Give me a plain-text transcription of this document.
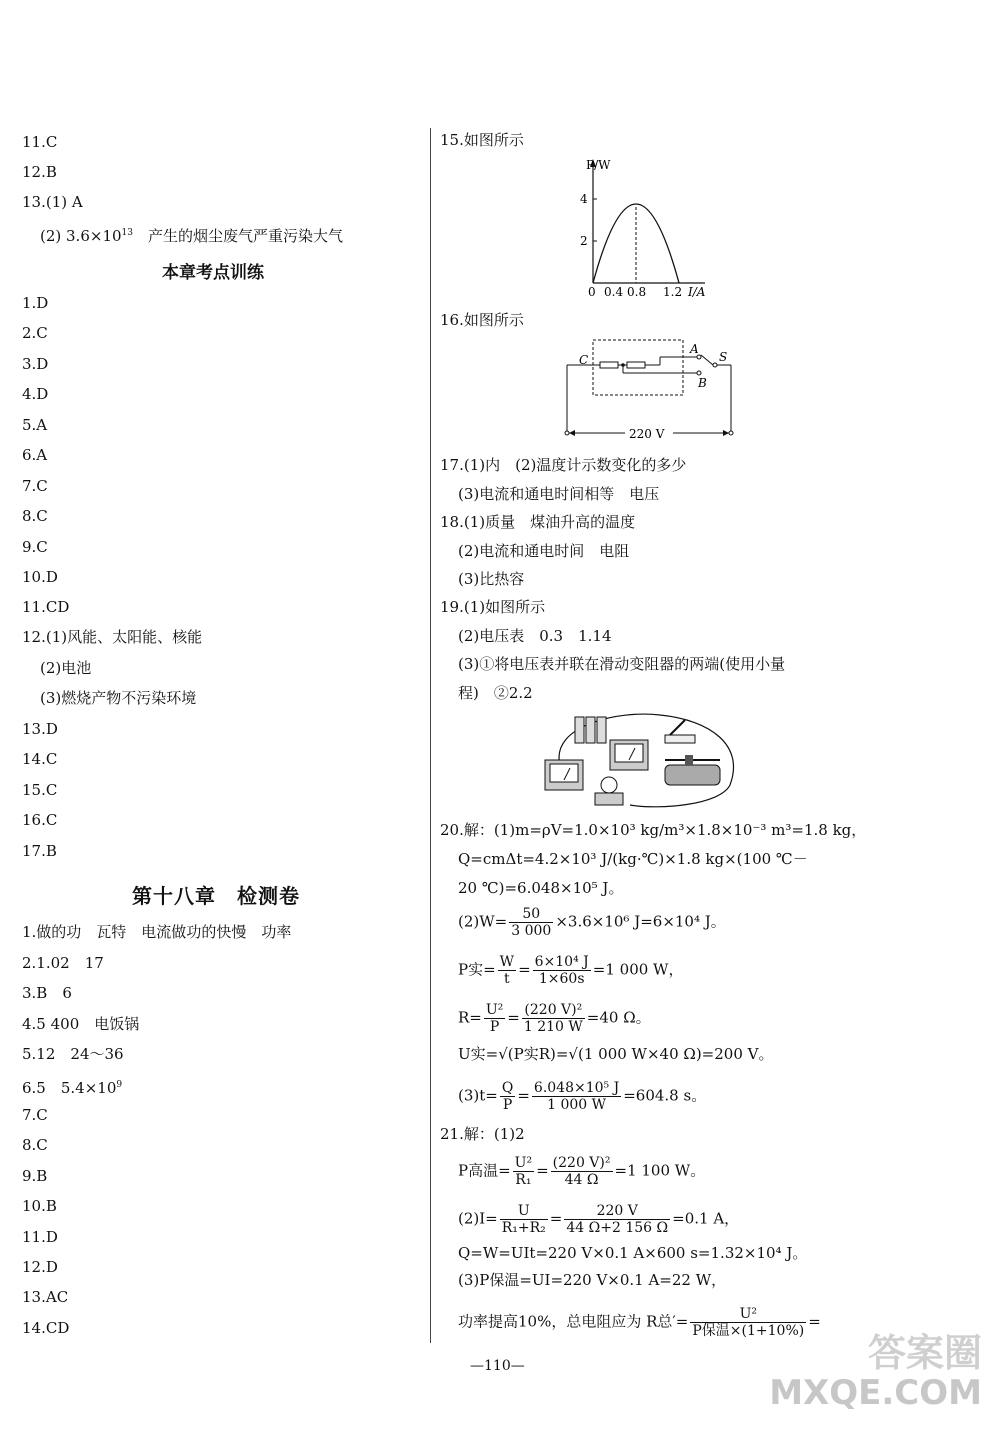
11.C
12.B
13.(1) A
(2) $3.6\times 10^{13}$　产生的烟尘废气严重污染大气
本章考点训练
1.D
2.C
3.D
4.D
5.A
6.A
7.C
8.C
9.C
10.D
11.CD
12.(1)风能、太阳能、核能
(2)电池
(3)燃烧产物不污染环境
13.D
14.C
15.C
16.C
17.B
第十八章　检测卷
1.做的功　瓦特　电流做功的快慢　功率
2.1.02　17
3.B　6
4.5 400　电饭锅
5.12　24～36
6.5　$5.4\times 10^9$
7.C
8.C
9.B
10.B
11.D
12.D
13.AC
14.CD
15.如图所示
P/W
4
2
0 0.4 0.8 1.2 I/A
16.如图所示
C
A
B
S
220 V
17.(1)内　(2)温度计示数变化的多少
(3)电流和通电时间相等　电压
18.(1)质量　煤油升高的温度
(2)电流和通电时间　电阻
(3)比热容
19.(1)如图所示
(2)电压表　0.3　1.14
(3)①将电压表并联在滑动变阻器的两端(使用小量
程)　②2.2
20.解：(1)m=ρV=1.0×10³ kg/m³×1.8×10⁻³ m³=1.8 kg，
Q=cmΔt=4.2×10³ J/(kg·℃)×1.8 kg×(100 ℃－
20 ℃)=6.048×10⁵ J。
$(2)W= \frac{50}{3 000} \times 3.6\times 10^6$ J=6×10⁴ J。
P实= $\frac{W}{t} = \frac{\text{6×10⁴ J}}{1\times 60s} =1$ 000 W，
$R= \frac{\text{U²}}{P} = \frac{\text{(220 V)²}}{1 210 W} =40$ Ω。
U实=√(P实R)=√(1 000 W×40 Ω)=200 V。
$(3)t= \frac{Q}{P} = \frac{\text{6.048×10⁵ J}}{1 000 W} =604.8$ s。
21.解：(1)2
P高温= $\frac{\text{U²}}{\text{R₁}} = \frac{\text{(220 V)²}}{44 \Omega} =1$ 100 W。
$(2)I= \frac{U}{\text{R₁+R₂}} = \frac{220 V}{44 \Omega+2 156 \Omega} =0.1$ A，
Q=W=UIt=220 V×0.1 A×600 s=1.32×10⁴ J。
(3)P保温=UI=220 V×0.1 A=22 W，
功率提高10%，总电阻应为 R总′= $\frac{\text{U²}}{\text{P保温×(1+10\%)}}$ =
—110—	答案圈
MXQE.COM
